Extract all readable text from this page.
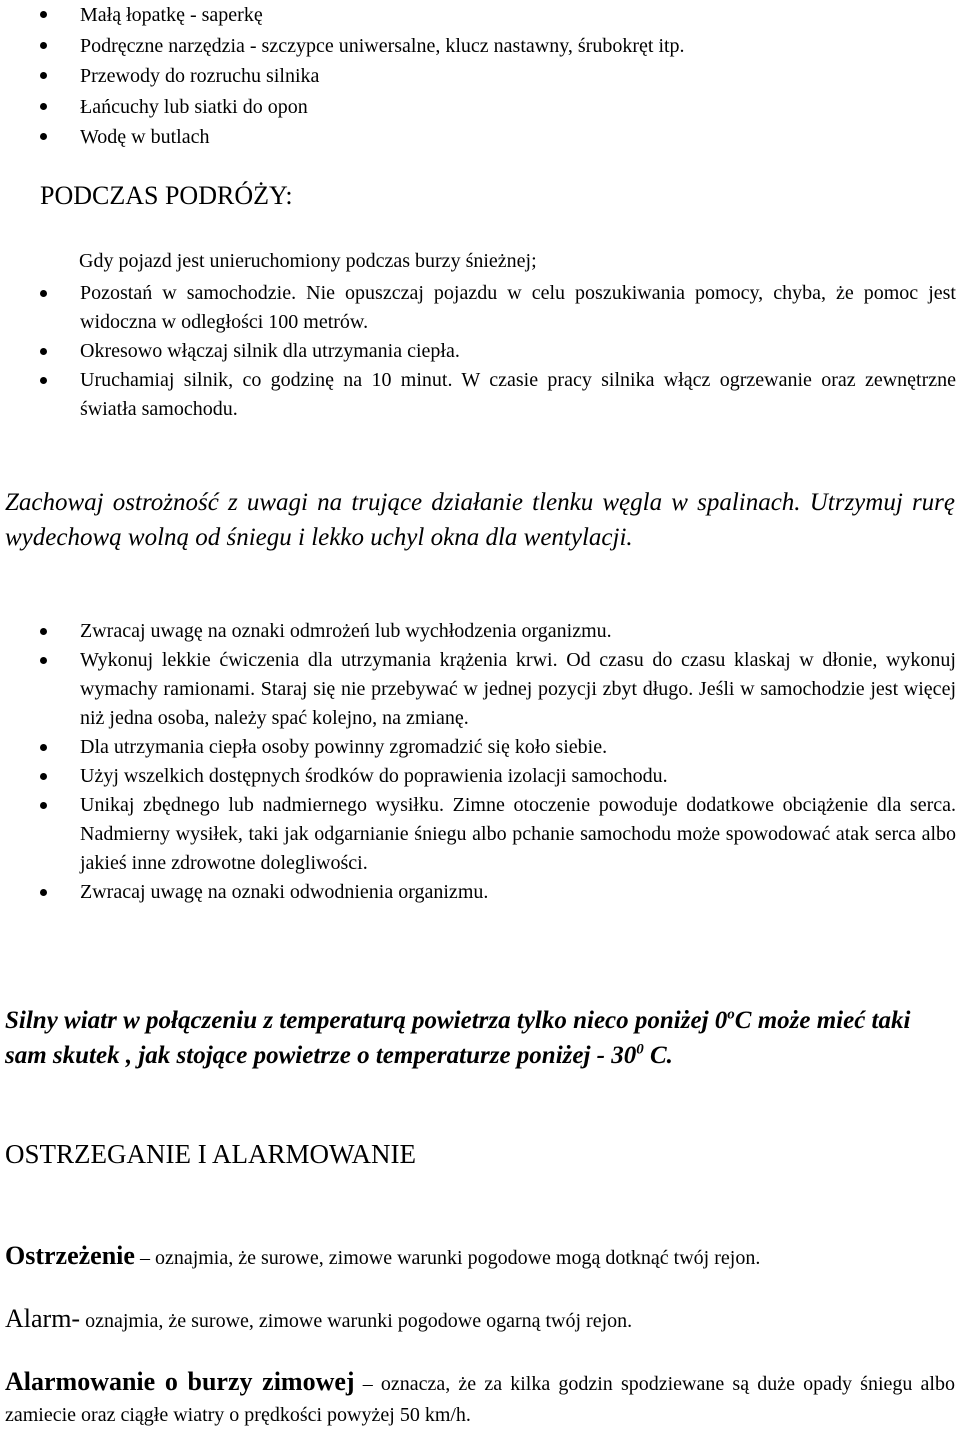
Małą łopatkę - saperkę
Podręczne narzędzia - szczypce uniwersalne, klucz nastawny, śrubokręt itp.
Przewody do rozruchu silnika
Łańcuchy lub siatki do opon
Wodę w butlach
PODCZAS PODRÓŻY:

Gdy pojazd jest unieruchomiony podczas burzy śnieżnej;

Pozostań w samochodzie. Nie opuszczaj pojazdu w celu poszukiwania pomocy, chyba, że pomoc jest widoczna w odległości 100 metrów.
Okresowo włączaj silnik dla utrzymania ciepła.
Uruchamiaj silnik, co godzinę na 10 minut. W czasie pracy silnika włącz ogrzewanie oraz zewnętrzne światła samochodu.

Zachowaj ostrożność z uwagi na trujące działanie tlenku węgla w spalinach. Utrzymuj rurę wydechową wolną od śniegu i lekko uchyl okna dla wentylacji.

Zwracaj uwagę na oznaki odmrożeń lub wychłodzenia organizmu.
Wykonuj lekkie ćwiczenia dla utrzymania krążenia krwi. Od czasu do czasu klaskaj w dłonie, wykonuj wymachy ramionami. Staraj się nie przebywać w jednej pozycji zbyt długo. Jeśli w samochodzie jest więcej niż jedna osoba, należy spać kolejno, na zmianę.
Dla utrzymania ciepła osoby powinny zgromadzić się koło siebie.
Użyj wszelkich dostępnych środków do poprawienia izolacji samochodu.
Unikaj zbędnego lub nadmiernego wysiłku. Zimne otoczenie powoduje dodatkowe obciążenie dla serca. Nadmierny wysiłek, taki jak odgarnianie śniegu albo pchanie samochodu może spowodować atak serca albo jakieś inne zdrowotne dolegliwości.
Zwracaj uwagę na oznaki odwodnienia organizmu.

Silny wiatr w połączeniu z temperaturą powietrza tylko nieco poniżej 0$^o$C może mieć taki sam skutek , jak stojące powietrze o temperaturze poniżej - $30^0$ C.

OSTRZEGANIE I ALARMOWANIE

Ostrzeżenie – oznajmia, że surowe, zimowe warunki pogodowe mogą dotknąć twój rejon.

Alarm- oznajmia, że surowe, zimowe warunki pogodowe ogarną twój rejon.

Alarmowanie o burzy zimowej – oznacza, że za kilka godzin spodziewane są duże opady śniegu albo zamiecie oraz ciągłe wiatry o prędkości powyżej 50 km/h.
